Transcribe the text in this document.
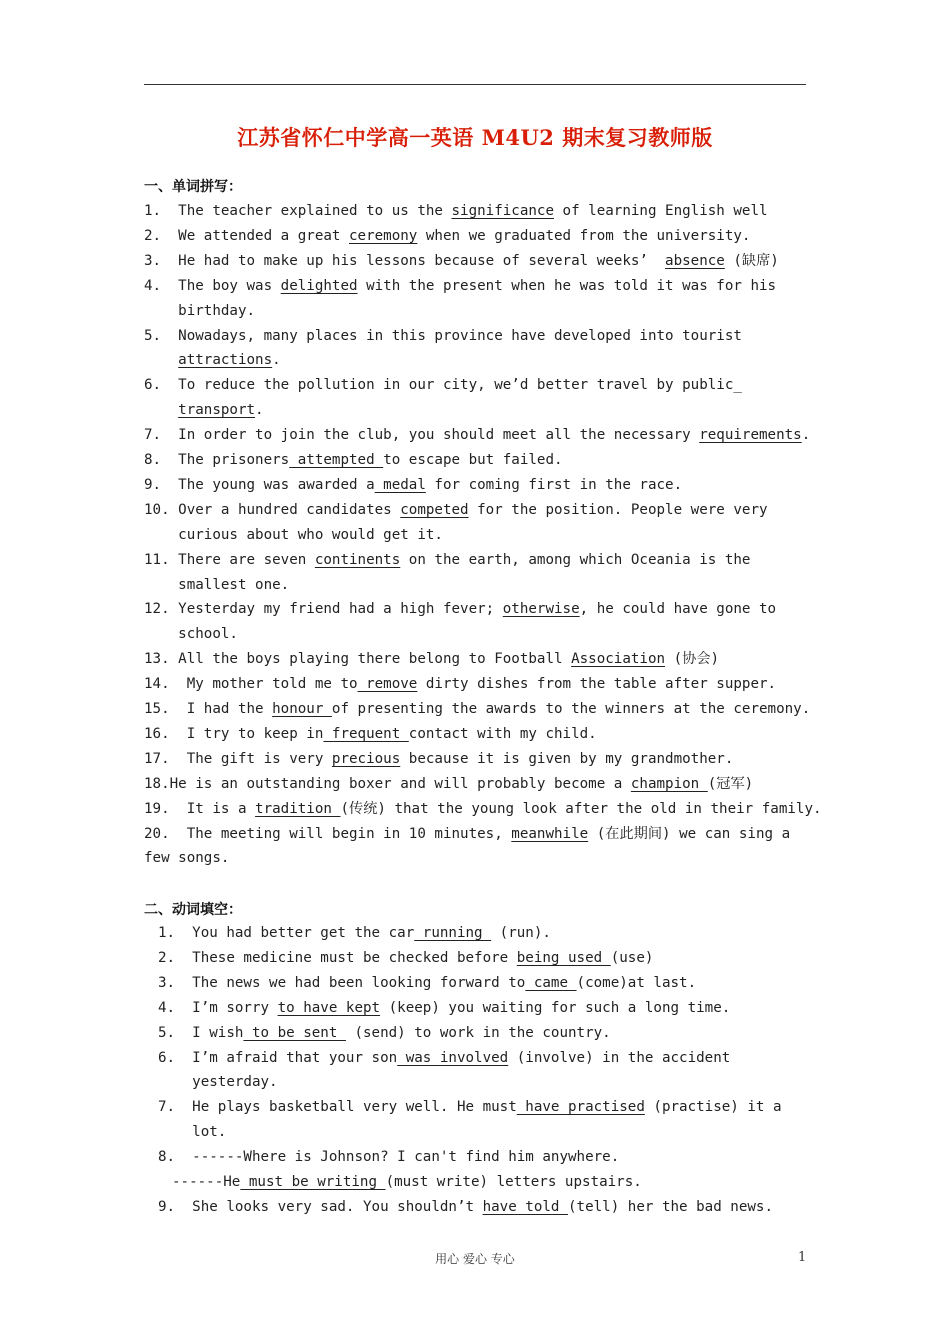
江苏省怀仁中学高一英语 M4U2 期末复习教师版
一、单词拼写：
1.  The teacher explained to us the significance of learning English well
2.  We attended a great ceremony when we graduated from the university.
3.  He had to make up his lessons because of several weeks’  absence (缺席)
4.  The boy was delighted with the present when he was told it was for his
birthday.
5.  Nowadays, many places in this province have developed into tourist
attractions.
6.  To reduce the pollution in our city, we’d better travel by public_
transport.
7.  In order to join the club, you should meet all the necessary requirements.
8.  The prisoners attempted to escape but failed.
9.  The young was awarded a medal for coming first in the race.
10. Over a hundred candidates competed for the position. People were very
curious about who would get it.
11. There are seven continents on the earth, among which Oceania is the
smallest one.
12. Yesterday my friend had a high fever; otherwise, he could have gone to
school.
13. All the boys playing there belong to Football Association (协会)
14.  My mother told me to remove dirty dishes from the table after supper.
15.  I had the honour of presenting the awards to the winners at the ceremony.
16.  I try to keep in frequent contact with my child.
17.  The gift is very precious because it is given by my grandmother.
18.He is an outstanding boxer and will probably become a champion (冠军)
19.  It is a tradition (传统) that the young look after the old in their family.
20.  The meeting will begin in 10 minutes, meanwhile (在此期间) we can sing a
few songs.
二、动词填空：
1.  You had better get the car running  (run).
2.  These medicine must be checked before being used (use)
3.  The news we had been looking forward to came (come)at last.
4.  I’m sorry to have kept (keep) you waiting for such a long time.
5.  I wish to be sent  (send) to work in the country.
6.  I’m afraid that your son was involved (involve) in the accident
yesterday.
7.  He plays basketball very well. He must have practised (practise) it a
lot.
8.  ------Where is Johnson? I can't find him anywhere.
------He must be writing (must write) letters upstairs.
9.  She looks very sad. You shouldn’t have told (tell) her the bad news.
用心 爱心 专心	1
